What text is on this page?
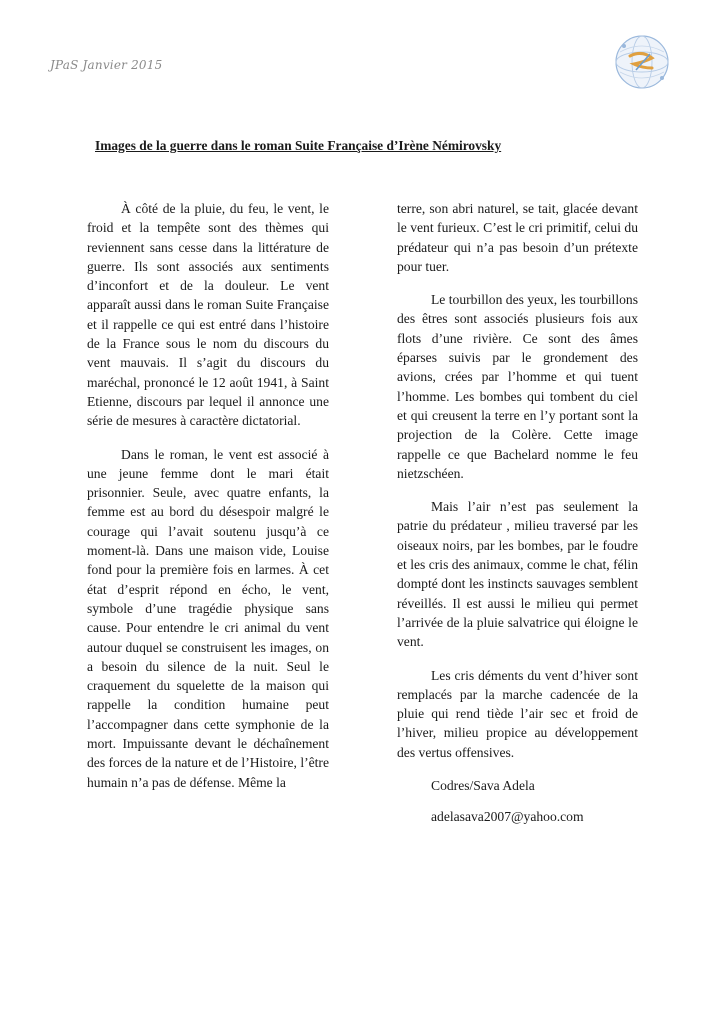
JPaS Janvier 2015
Images de la guerre dans le roman Suite Française d’Irène Némirovsky

À côté de la pluie, du feu, le vent, le froid et la tempête sont des thèmes qui reviennent sans cesse dans la littérature de guerre. Ils sont associés aux sentiments d’inconfort et de la douleur. Le vent apparaît aussi dans le roman Suite Française et il rappelle ce qui est entré dans l’histoire de la France sous le nom du discours du vent mauvais. Il s’agit du discours du maréchal, prononcé le 12 août 1941, à Saint Etienne, discours par lequel il annonce une série de mesures à caractère dictatorial.

Dans le roman, le vent est associé à une jeune femme dont le mari était prisonnier. Seule, avec quatre enfants, la femme est au bord du désespoir malgré le courage qui l’avait soutenu jusqu’à ce moment-là. Dans une maison vide, Louise fond pour la première fois en larmes. À cet état d’esprit répond en écho, le vent, symbole d’une tragédie physique sans cause. Pour entendre le cri animal du vent autour duquel se construisent les images, on a besoin du silence de la nuit. Seul le craquement du squelette de la maison qui rappelle la condition humaine peut l’accompagner dans cette symphonie de la mort. Impuissante devant le déchaînement des forces de la nature et de l’Histoire, l’être humain n’a pas de défense. Même la

terre, son abri naturel, se tait, glacée devant le vent furieux. C’est le cri primitif, celui du prédateur qui n’a pas besoin d’un prétexte pour tuer.

Le tourbillon des yeux, les tourbillons des êtres sont associés plusieurs fois aux flots d’une rivière. Ce sont des âmes éparses suivis par le grondement des avions, crées par l’homme et qui tuent l’homme. Les bombes qui tombent du ciel et qui creusent la terre en l’y portant sont la projection de la Colère. Cette image rappelle ce que Bachelard nomme le feu nietzschéen.

Mais l’air n’est pas seulement la patrie du prédateur , milieu traversé par les oiseaux noirs, par les bombes, par le foudre et les cris des animaux, comme le chat, félin dompté dont les instincts sauvages semblent réveillés. Il est aussi le milieu qui permet l’arrivée de la pluie salvatrice qui éloigne le vent.

Les cris déments du vent d’hiver sont remplacés par la marche cadencée de la pluie qui rend tiède l’air sec et froid de l’hiver, milieu propice au développement des vertus offensives.

Codres/Sava Adela

adelasava2007@yahoo.com
